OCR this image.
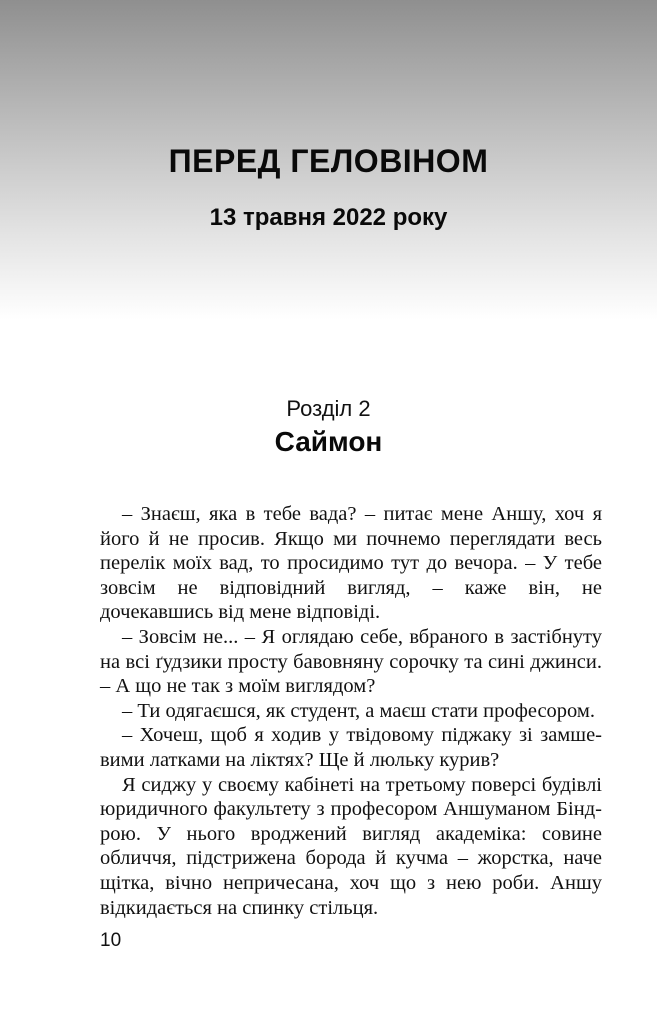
ПЕРЕД ГЕЛОВІНОМ
13 травня 2022 року
Розділ 2
Саймон

– Знаєш, яка в тебе вада? – питає мене Аншу, хоч я його й не просив. Якщо ми почнемо переглядати весь перелік моїх вад, то просидимо тут до вечора. – У тебе зовсім не відповідний вигляд, – каже він, не дочекавшись від мене відповіді.

– Зовсім не... – Я оглядаю себе, вбраного в застібнуту на всі ґудзики просту бавовняну сорочку та сині джинси. – А що не так з моїм виглядом?

– Ти одягаєшся, як студент, а маєш стати професором.

– Хочеш, щоб я ходив у твідовому піджаку зі замшевими латками на ліктях? Ще й люльку курив?

Я сиджу у своєму кабінеті на третьому поверсі будівлі юридичного факультету з професором Аншуманом Біндрою. У нього вроджений вигляд академіка: совине обличчя, підстрижена борода й кучма – жорстка, наче щітка, вічно непричесана, хоч що з нею роби. Аншу відкидається на спинку стільця.

10
